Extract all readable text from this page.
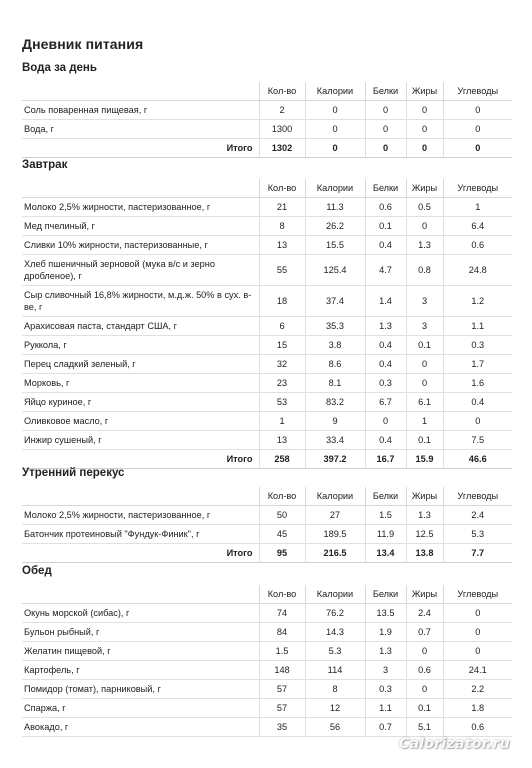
Дневник питания
Вода за день
	Кол-во	Калории	Белки	Жиры	Углеводы
Соль поваренная пищевая, г	2	0	0	0	0
Вода, г	1300	0	0	0	0
Итого	1302	0	0	0	0
Завтрак
	Кол-во	Калории	Белки	Жиры	Углеводы
Молоко 2,5% жирности, пастеризованное, г	21	11.3	0.6	0.5	1
Мед пчелиный, г	8	26.2	0.1	0	6.4
Сливки 10% жирности, пастеризованные, г	13	15.5	0.4	1.3	0.6
Хлеб пшеничный зерновой (мука в/с и зерно дробленое), г	55	125.4	4.7	0.8	24.8
Сыр сливочный 16,8% жирности, м.д.ж. 50% в сух. в-ве, г	18	37.4	1.4	3	1.2
Арахисовая паста, стандарт США, г	6	35.3	1.3	3	1.1
Руккола, г	15	3.8	0.4	0.1	0.3
Перец сладкий зеленый, г	32	8.6	0.4	0	1.7
Морковь, г	23	8.1	0.3	0	1.6
Яйцо куриное, г	53	83.2	6.7	6.1	0.4
Оливковое масло, г	1	9	0	1	0
Инжир сушеный, г	13	33.4	0.4	0.1	7.5
Итого	258	397.2	16.7	15.9	46.6
Утренний перекус
	Кол-во	Калории	Белки	Жиры	Углеводы
Молоко 2,5% жирности, пастеризованное, г	50	27	1.5	1.3	2.4
Батончик протеиновый "Фундук-Финик", г	45	189.5	11.9	12.5	5.3
Итого	95	216.5	13.4	13.8	7.7
Обед
	Кол-во	Калории	Белки	Жиры	Углеводы
Окунь морской (сибас), г	74	76.2	13.5	2.4	0
Бульон рыбный, г	84	14.3	1.9	0.7	0
Желатин пищевой, г	1.5	5.3	1.3	0	0
Картофель, г	148	114	3	0.6	24.1
Помидор (томат), парниковый, г	57	8	0.3	0	2.2
Спаржа, г	57	12	1.1	0.1	1.8
Авокадо, г	35	56	0.7	5.1	0.6
Calorizator.ru
